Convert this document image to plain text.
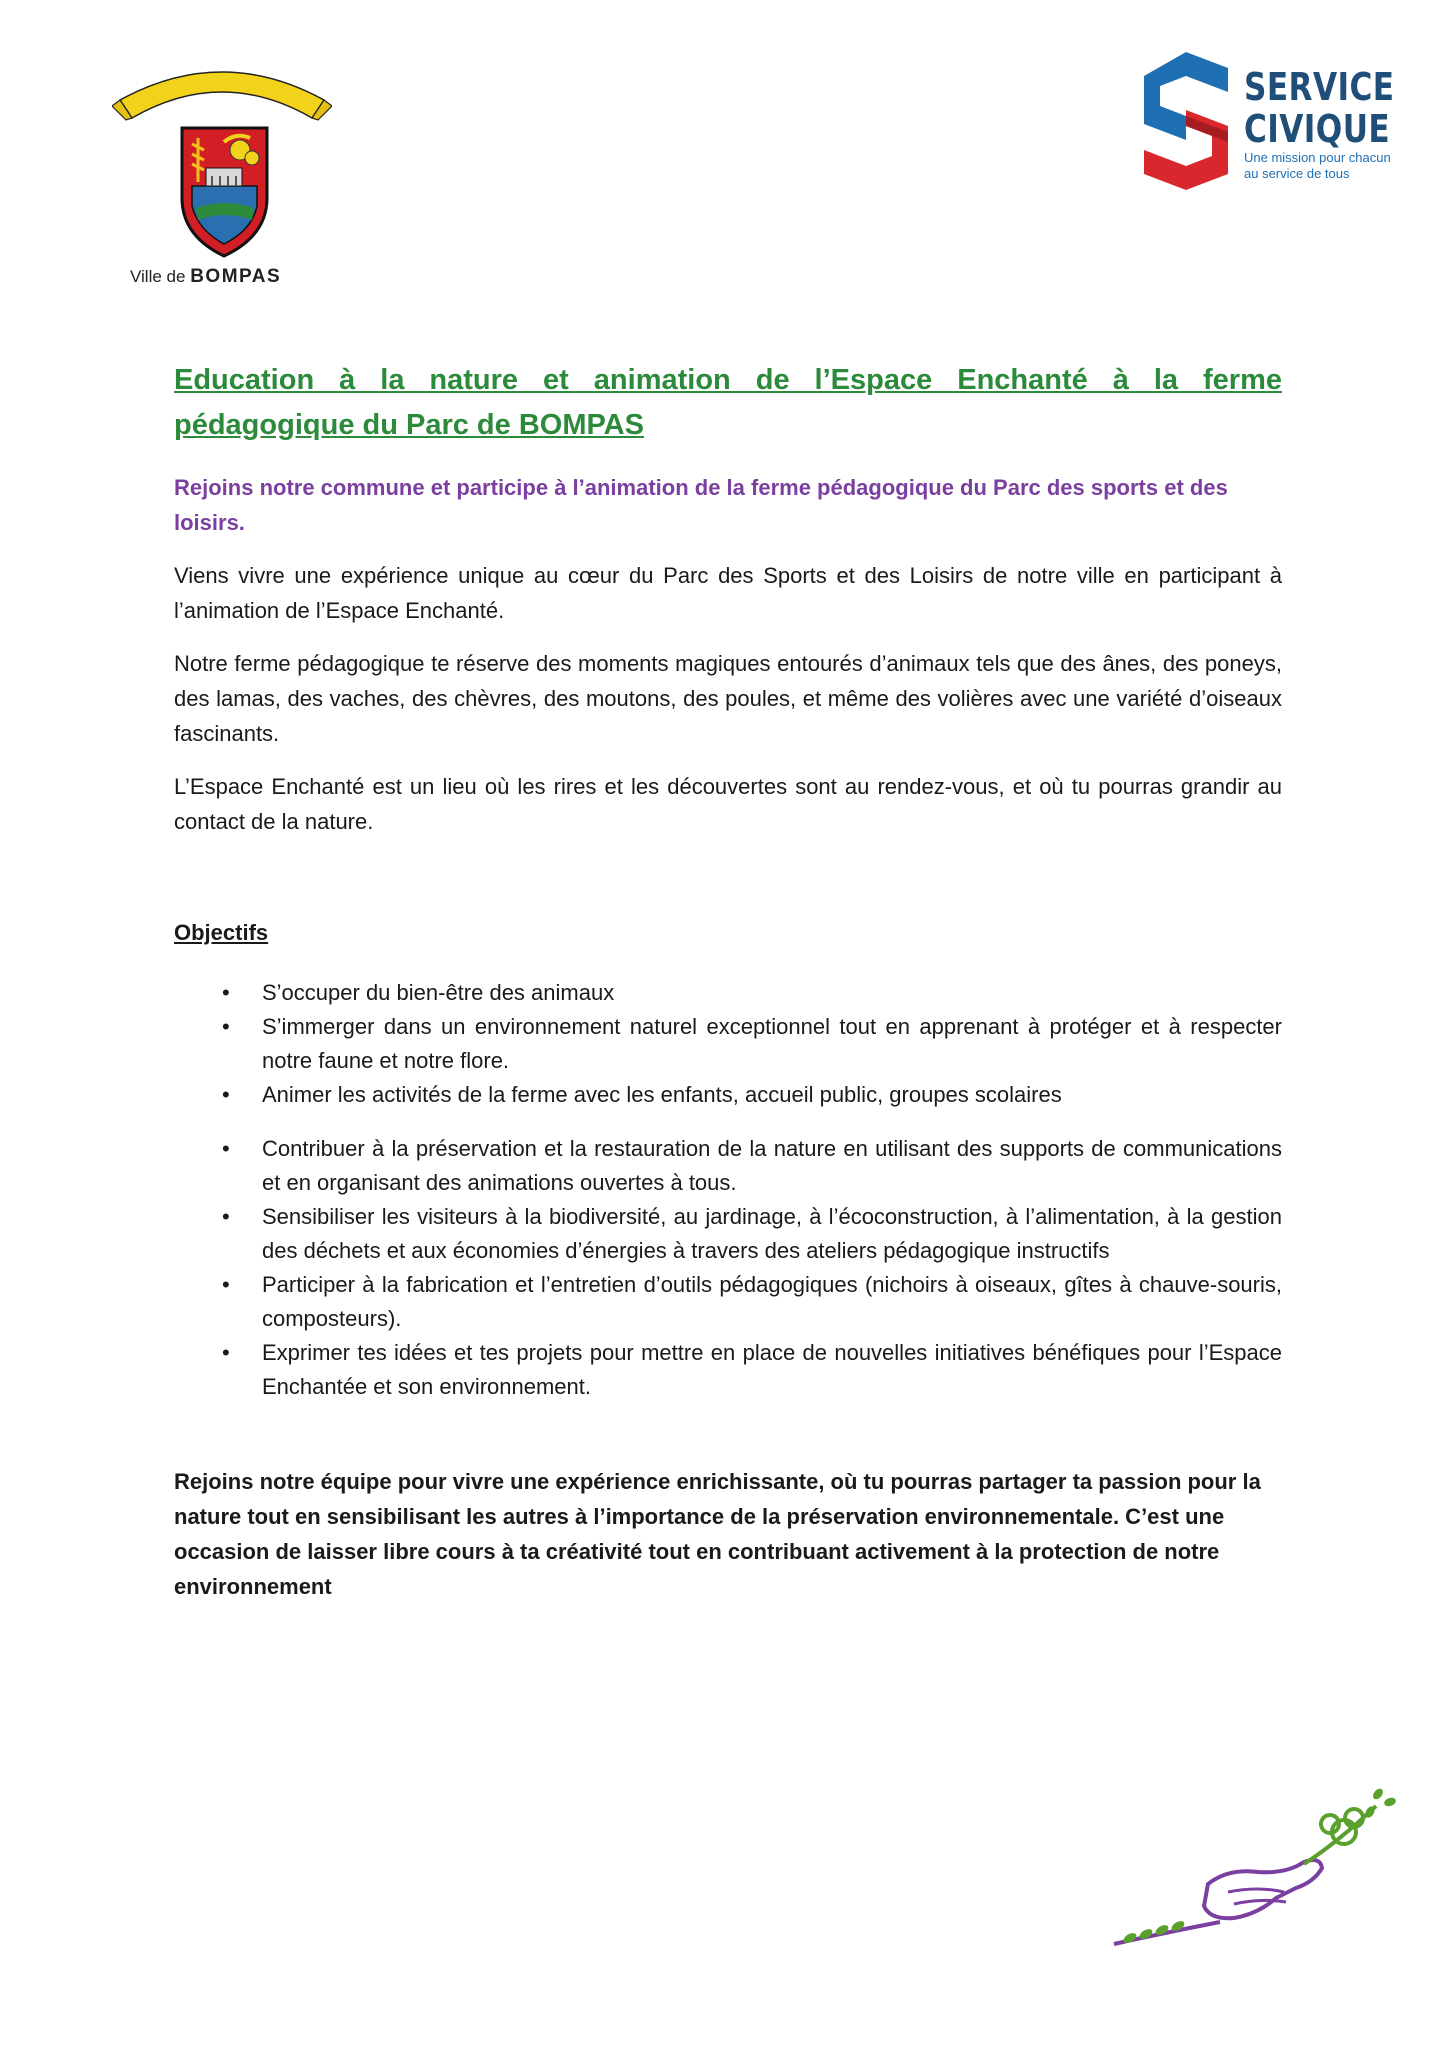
Ville de BOMPAS
SERVICE
CIVIQUE
Une mission pour chacun
au service de tous
Education à la nature et animation de l’Espace Enchanté à la ferme pédagogique du Parc de BOMPAS

Rejoins notre commune et participe à l’animation de la ferme pédagogique du Parc des sports et des loisirs.

Viens vivre une expérience unique au cœur du Parc des Sports et des Loisirs de notre ville en participant à l’animation de l’Espace Enchanté.

Notre ferme pédagogique te réserve des moments magiques entourés d’animaux tels que des ânes, des poneys, des lamas, des vaches, des chèvres, des moutons, des poules, et même des volières avec une variété d’oiseaux fascinants.

L’Espace Enchanté est un lieu où les rires et les découvertes sont au rendez-vous, et où tu pourras grandir au contact de la nature.

Objectifs
• S’occuper du bien-être des animaux
• S’immerger dans un environnement naturel exceptionnel tout en apprenant à protéger et à respecter notre faune et notre flore.
• Animer les activités de la ferme avec les enfants, accueil public, groupes scolaires
• Contribuer à la préservation et la restauration de la nature en utilisant des supports de communications et en organisant des animations ouvertes à tous.
• Sensibiliser les visiteurs à la biodiversité, au jardinage, à l’écoconstruction, à l’alimentation, à la gestion des déchets et aux économies d’énergies à travers des ateliers pédagogique instructifs
• Participer à la fabrication et l’entretien d’outils pédagogiques (nichoirs à oiseaux, gîtes à chauve-souris, composteurs).
• Exprimer tes idées et tes projets pour mettre en place de nouvelles initiatives bénéfiques pour l’Espace Enchantée et son environnement.

Rejoins notre équipe pour vivre une expérience enrichissante, où tu pourras partager ta passion pour la nature tout en sensibilisant les autres à l’importance de la préservation environnementale. C’est une occasion de laisser libre cours à ta créativité tout en contribuant activement à la protection de notre environnement
